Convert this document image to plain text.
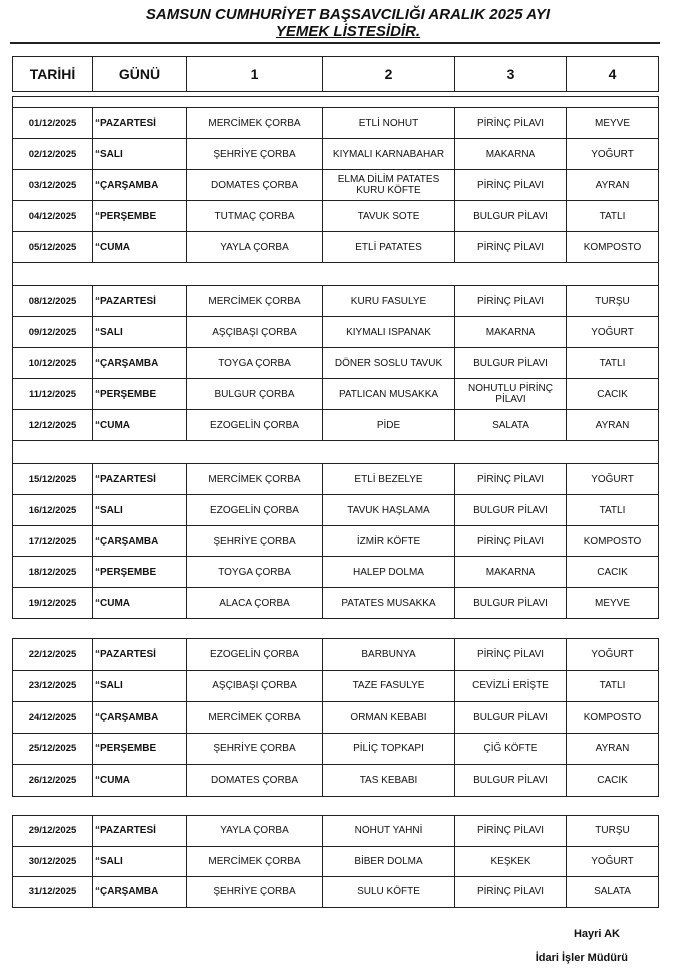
SAMSUN CUMHURİYET BAŞSAVCILIĞI ARALIK 2025 AYI
YEMEK LİSTESİDİR.
TARİHİ	GÜNÜ	1	2	3	4

01/12/2025	“PAZARTESİ	MERCİMEK ÇORBA	ETLİ NOHUT	PİRİNÇ PİLAVI	MEYVE
02/12/2025	“SALI	ŞEHRİYE ÇORBA	KIYMALI KARNABAHAR	MAKARNA	YOĞURT
03/12/2025	“ÇARŞAMBA	DOMATES ÇORBA	ELMA DİLİM PATATES KURU KÖFTE	PİRİNÇ PİLAVI	AYRAN
04/12/2025	“PERŞEMBE	TUTMAÇ ÇORBA	TAVUK SOTE	BULGUR PİLAVI	TATLI
05/12/2025	“CUMA	YAYLA ÇORBA	ETLİ PATATES	PİRİNÇ PİLAVI	KOMPOSTO

08/12/2025	“PAZARTESİ	MERCİMEK ÇORBA	KURU FASULYE	PİRİNÇ PİLAVI	TURŞU
09/12/2025	“SALI	AŞÇIBAŞI ÇORBA	KIYMALI ISPANAK	MAKARNA	YOĞURT
10/12/2025	“ÇARŞAMBA	TOYGA ÇORBA	DÖNER SOSLU TAVUK	BULGUR PİLAVI	TATLI
11/12/2025	“PERŞEMBE	BULGUR ÇORBA	PATLICAN MUSAKKA	NOHUTLU PİRİNÇ PİLAVI	CACIK
12/12/2025	“CUMA	EZOGELİN ÇORBA	PİDE	SALATA	AYRAN

15/12/2025	“PAZARTESİ	MERCİMEK ÇORBA	ETLİ BEZELYE	PİRİNÇ PİLAVI	YOĞURT
16/12/2025	“SALI	EZOGELİN ÇORBA	TAVUK HAŞLAMA	BULGUR PİLAVI	TATLI
17/12/2025	“ÇARŞAMBA	ŞEHRİYE ÇORBA	İZMİR KÖFTE	PİRİNÇ PİLAVI	KOMPOSTO
18/12/2025	“PERŞEMBE	TOYGA ÇORBA	HALEP DOLMA	MAKARNA	CACIK
19/12/2025	“CUMA	ALACA ÇORBA	PATATES MUSAKKA	BULGUR PİLAVI	MEYVE
22/12/2025	“PAZARTESİ	EZOGELİN ÇORBA	BARBUNYA	PİRİNÇ PİLAVI	YOĞURT
23/12/2025	“SALI	AŞÇIBAŞI ÇORBA	TAZE FASULYE	CEVİZLİ ERİŞTE	TATLI
24/12/2025	“ÇARŞAMBA	MERCİMEK ÇORBA	ORMAN KEBABI	BULGUR PİLAVI	KOMPOSTO
25/12/2025	“PERŞEMBE	ŞEHRİYE ÇORBA	PİLİÇ TOPKAPI	ÇİĞ KÖFTE	AYRAN
26/12/2025	“CUMA	DOMATES ÇORBA	TAS KEBABI	BULGUR PİLAVI	CACIK
29/12/2025	“PAZARTESİ	YAYLA ÇORBA	NOHUT YAHNİ	PİRİNÇ PİLAVI	TURŞU
30/12/2025	“SALI	MERCİMEK ÇORBA	BİBER DOLMA	KEŞKEK	YOĞURT
31/12/2025	“ÇARŞAMBA	ŞEHRİYE ÇORBA	SULU KÖFTE	PİRİNÇ PİLAVI	SALATA
Hayri AK
İdari İşler Müdürü
